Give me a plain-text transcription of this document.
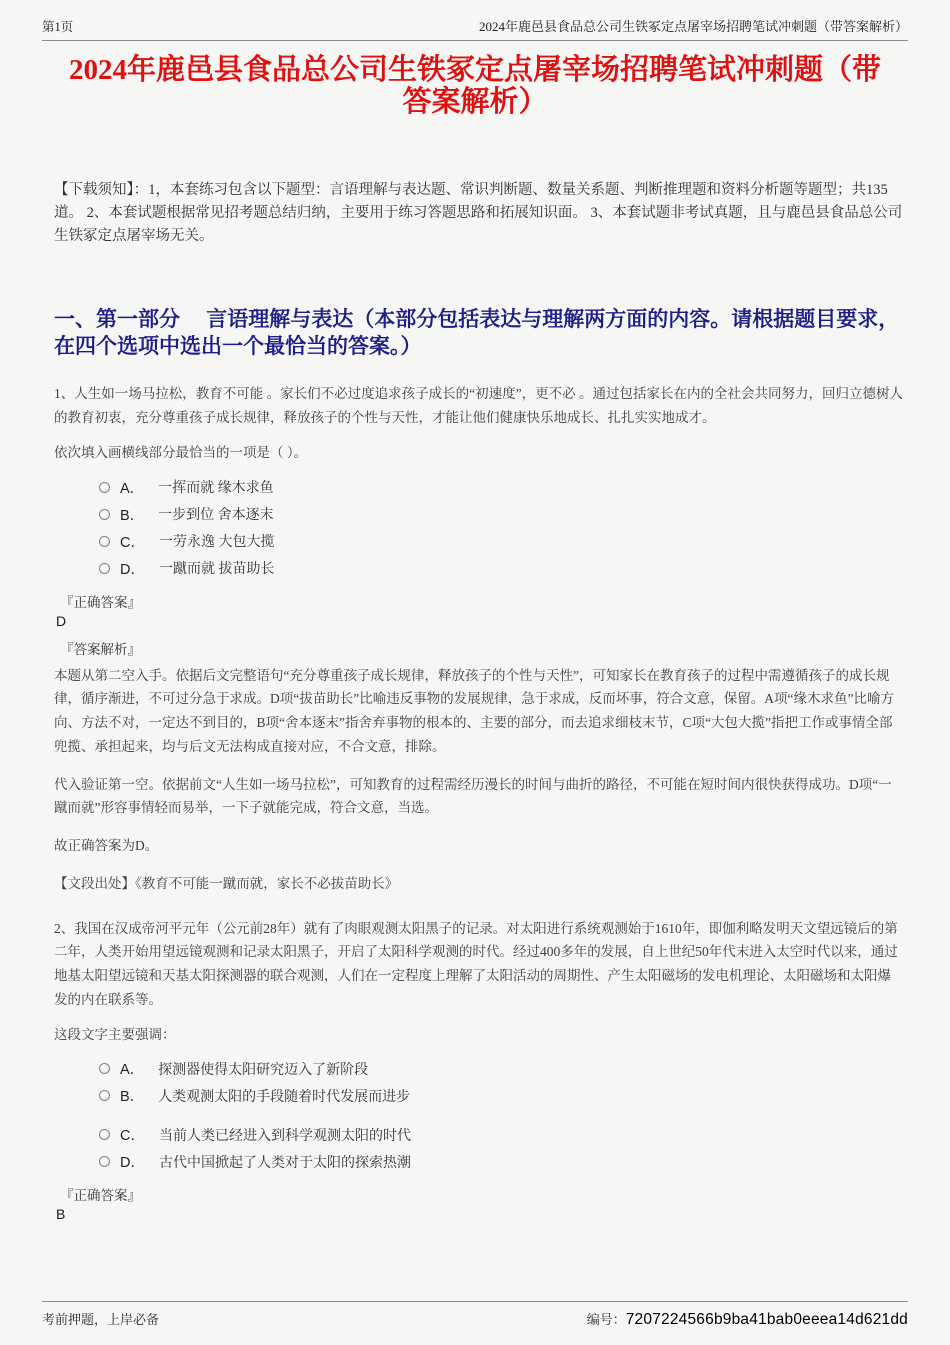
第1页	2024年鹿邑县食品总公司生铁冢定点屠宰场招聘笔试冲刺题（带答案解析）
2024年鹿邑县食品总公司生铁冢定点屠宰场招聘笔试冲刺题（带答案解析）

【下载须知】：1，本套练习包含以下题型：言语理解与表达题、常识判断题、数量关系题、判断推理题和资料分析题等题型；共135道。 2、本套试题根据常见招考题总结归纳，主要用于练习答题思路和拓展知识面。 3、本套试题非考试真题，且与鹿邑县食品总公司生铁冢定点屠宰场无关。

一、第一部分　 言语理解与表达（本部分包括表达与理解两方面的内容。请根据题目要求，在四个选项中选出一个最恰当的答案。）

1、人生如一场马拉松，教育不可能 。家长们不必过度追求孩子成长的“初速度”，更不必 。通过包括家长在内的全社会共同努力，回归立德树人的教育初衷，充分尊重孩子成长规律，释放孩子的个性与天性，才能让他们健康快乐地成长、扎扎实实地成才。

依次填入画横线部分最恰当的一项是（ ）。

A． 一挥而就 缘木求鱼
B． 一步到位 舍本逐末
C． 一劳永逸 大包大揽
D． 一蹴而就 拔苗助长
『正确答案』
D
『答案解析』

本题从第二空入手。依据后文完整语句“充分尊重孩子成长规律，释放孩子的个性与天性”，可知家长在教育孩子的过程中需遵循孩子的成长规律，循序渐进，不可过分急于求成。D项“拔苗助长”比喻违反事物的发展规律，急于求成，反而坏事，符合文意，保留。A项“缘木求鱼”比喻方向、方法不对，一定达不到目的，B项“舍本逐末”指舍弃事物的根本的、主要的部分，而去追求细枝末节，C项“大包大揽”指把工作或事情全部兜揽、承担起来，均与后文无法构成直接对应，不合文意，排除。

代入验证第一空。依据前文“人生如一场马拉松”，可知教育的过程需经历漫长的时间与曲折的路径，不可能在短时间内很快获得成功。D项“一蹴而就”形容事情轻而易举，一下子就能完成，符合文意，当选。

故正确答案为D。

【文段出处】《教育不可能一蹴而就，家长不必拔苗助长》

2、我国在汉成帝河平元年（公元前28年）就有了肉眼观测太阳黑子的记录。对太阳进行系统观测始于1610年，即伽利略发明天文望远镜后的第二年，人类开始用望远镜观测和记录太阳黑子，开启了太阳科学观测的时代。经过400多年的发展，自上世纪50年代末进入太空时代以来，通过地基太阳望远镜和天基太阳探测器的联合观测，人们在一定程度上理解了太阳活动的周期性、产生太阳磁场的发电机理论、太阳磁场和太阳爆发的内在联系等。

这段文字主要强调：

A． 探测器使得太阳研究迈入了新阶段
B． 人类观测太阳的手段随着时代发展而进步
C． 当前人类已经进入到科学观测太阳的时代
D． 古代中国掀起了人类对于太阳的探索热潮
『正确答案』
B
考前押题，上岸必备	编号：7207224566b9ba41bab0eeea14d621dd
